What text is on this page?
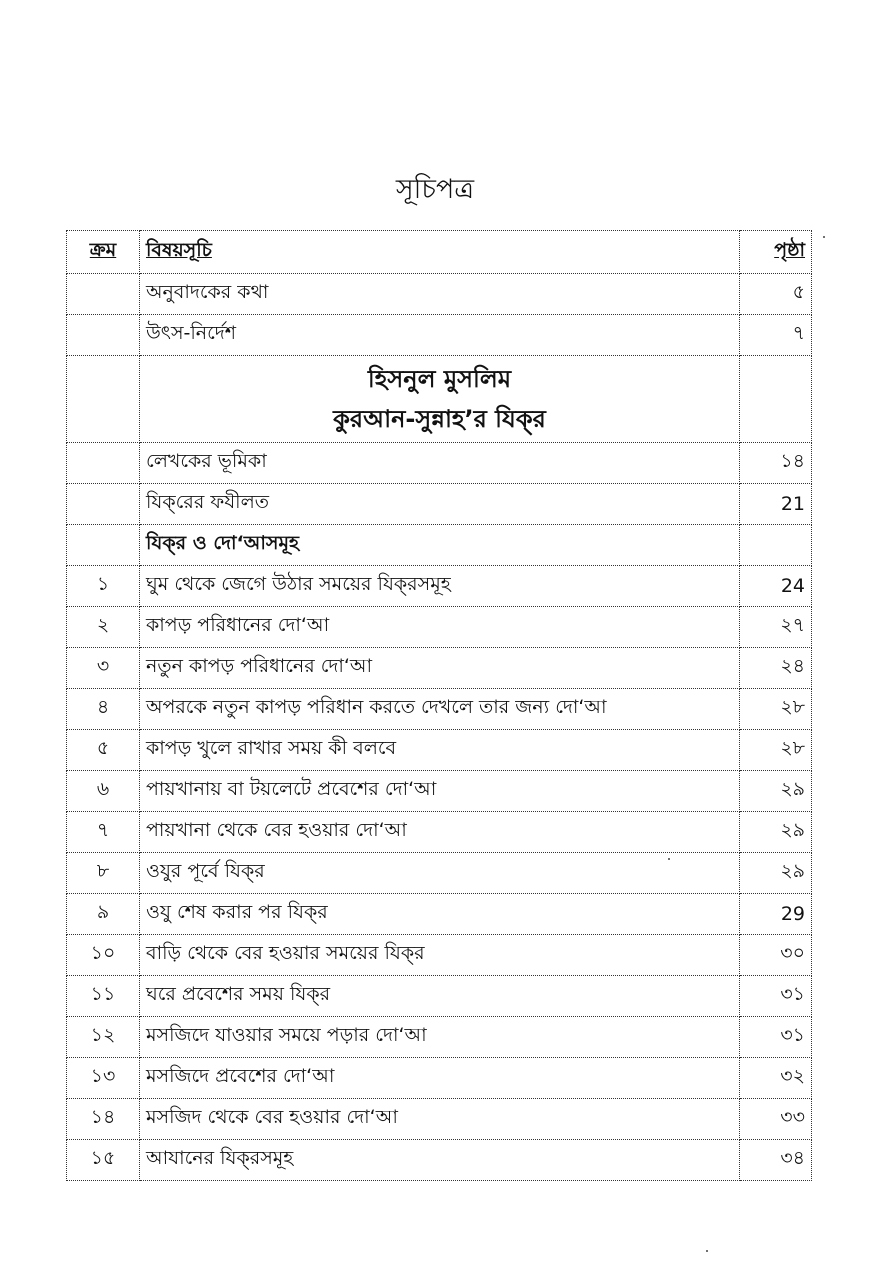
সূচিপত্র
ক্রম	বিষয়সূচি	পৃষ্ঠা
	অনুবাদকের কথা	৫
	উৎস-নির্দেশ	৭

	হিসনুল মুসলিম
কুরআন-সুন্নাহ’র যিক্‌র	

	লেখকের ভূমিকা	১৪
	যিক্‌রের ফযীলত	21
	যিক্‌র ও দো‘আসমূহ	
১	ঘুম থেকে জেগে উঠার সময়ের যিক্‌রসমূহ	24
২	কাপড় পরিধানের দো‘আ	২৭
৩	নতুন কাপড় পরিধানের দো‘আ	২৪
৪	অপরকে নতুন কাপড় পরিধান করতে দেখলে তার জন্য দো‘আ	২৮
৫	কাপড় খুলে রাখার সময় কী বলবে	২৮
৬	পায়খানায় বা টয়লেটে প্রবেশের দো‘আ	২৯
৭	পায়খানা থেকে বের হওয়ার দো‘আ	২৯
৮	ওযুর পূর্বে যিক্‌র	২৯
৯	ওযু শেষ করার পর যিক্‌র	29
১০	বাড়ি থেকে বের হওয়ার সময়ের যিক্‌র	৩০
১১	ঘরে প্রবেশের সময় যিক্‌র	৩১
১২	মসজিদে যাওয়ার সময়ে পড়ার দো‘আ	৩১
১৩	মসজিদে প্রবেশের দো‘আ	৩২
১৪	মসজিদ থেকে বের হওয়ার দো‘আ	৩৩
১৫	আযানের যিক্‌রসমূহ	৩৪
